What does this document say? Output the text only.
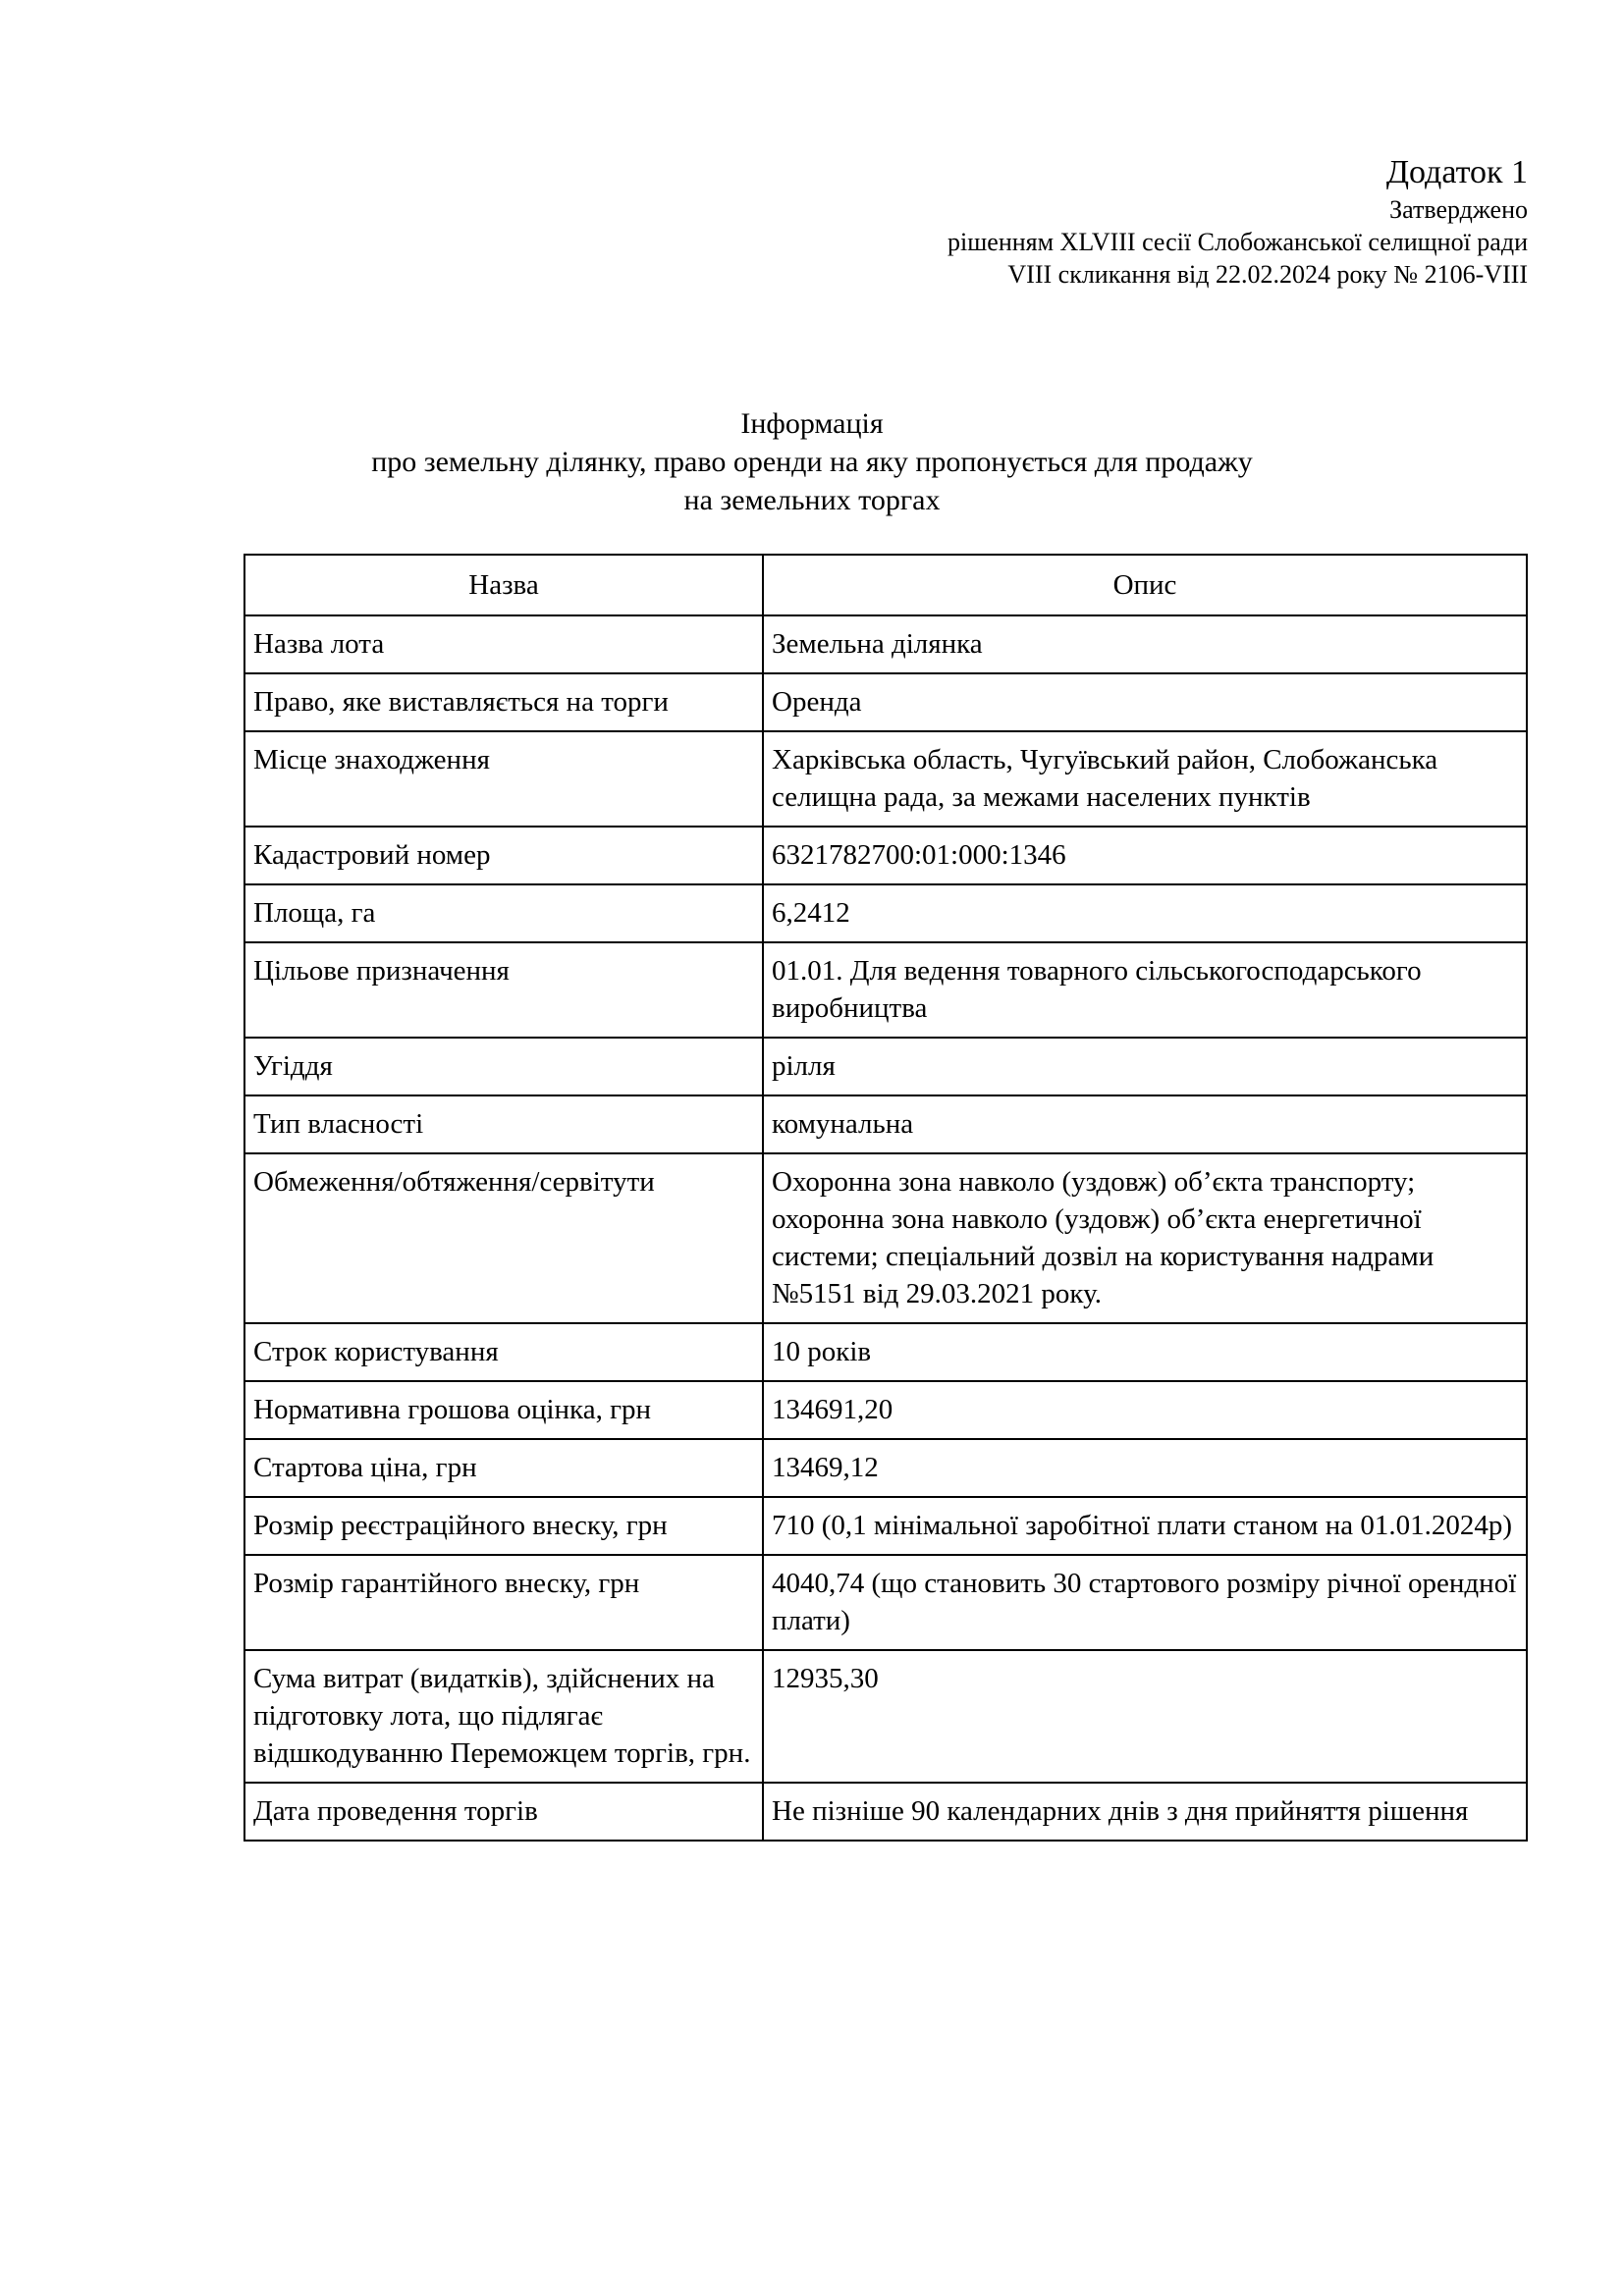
Додаток 1
Затверджено
рішенням XLVIII сесії Слобожанської селищної ради
VIII скликання від 22.02.2024 року № 2106-VIII
Інформація
про земельну ділянку, право оренди на яку пропонується для продажу
на земельних торгах
Назва	Опис
Назва лота	Земельна ділянка
Право, яке виставляється на торги	Оренда
Місце знаходження	Харківська область, Чугуївський район, Слобожанська селищна рада, за межами населених пунктів
Кадастровий номер	6321782700:01:000:1346
Площа, га	6,2412
Цільове призначення	01.01. Для ведення товарного сільськогосподарського виробництва
Угіддя	рілля
Тип власності	комунальна
Обмеження/обтяження/сервітути	Охоронна зона навколо (уздовж) об’єкта транспорту; охоронна зона навколо (уздовж) об’єкта енергетичної системи; спеціальний дозвіл на користування надрами №5151 від 29.03.2021 року.
Строк користування	10 років
Нормативна грошова оцінка, грн	134691,20
Стартова ціна, грн	13469,12
Розмір реєстраційного внеску, грн	710 (0,1 мінімальної заробітної плати станом на 01.01.2024р)
Розмір гарантійного внеску, грн	4040,74 (що становить 30 стартового розміру річної орендної плати)
Сума витрат (видатків), здійснених на підготовку лота, що підлягає відшкодуванню Переможцем торгів, грн.	12935,30
Дата проведення торгів	Не пізніше 90 календарних днів з дня прийняття рішення
